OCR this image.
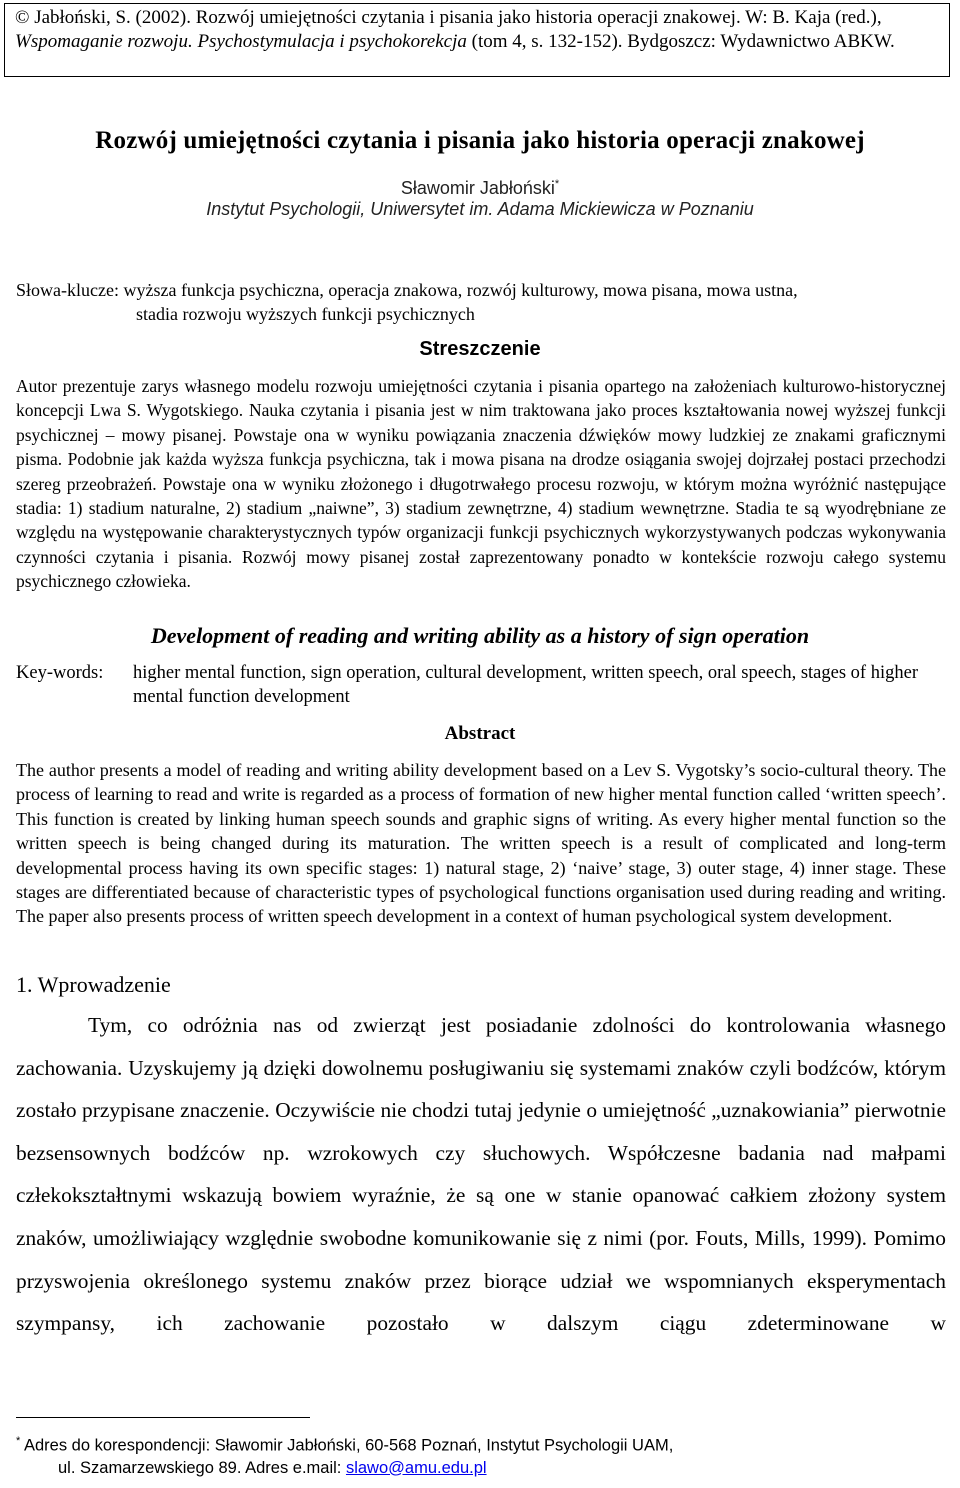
© Jabłoński, S. (2002). Rozwój umiejętności czytania i pisania jako historia operacji znakowej. W: B. Kaja (red.), Wspomaganie rozwoju. Psychostymulacja i psychokorekcja (tom 4, s. 132-152). Bydgoszcz: Wydawnictwo ABKW.
Rozwój umiejętności czytania i pisania jako historia operacji znakowej
Sławomir Jabłoński*
Instytut Psychologii, Uniwersytet im. Adama Mickiewicza w Poznaniu
Słowa-klucze: wyższa funkcja psychiczna, operacja znakowa, rozwój kulturowy, mowa pisana, mowa ustna,
stadia rozwoju wyższych funkcji psychicznych
Streszczenie
Autor prezentuje zarys własnego modelu rozwoju umiejętności czytania i pisania opartego na założeniach kulturowo-historycznej koncepcji Lwa S. Wygotskiego. Nauka czytania i pisania jest w nim traktowana jako proces kształtowania nowej wyższej funkcji psychicznej – mowy pisanej. Powstaje ona w wyniku powiązania znaczenia dźwięków mowy ludzkiej ze znakami graficznymi pisma. Podobnie jak każda wyższa funkcja psychiczna, tak i mowa pisana na drodze osiągania swojej dojrzałej postaci przechodzi szereg przeobrażeń. Powstaje ona w wyniku złożonego i długotrwałego procesu rozwoju, w którym można wyróżnić następujące stadia: 1) stadium naturalne, 2) stadium „naiwne”, 3) stadium zewnętrzne, 4) stadium wewnętrzne. Stadia te są wyodrębniane ze względu na występowanie charakterystycznych typów organizacji funkcji psychicznych wykorzystywanych podczas wykonywania czynności czytania i pisania. Rozwój mowy pisanej został zaprezentowany ponadto w kontekście rozwoju całego systemu psychicznego człowieka.
Development of reading and writing ability as a history of sign operation
Key-words: higher mental function, sign operation, cultural development, written speech, oral speech, stages of higher mental function development
Abstract
The author presents a model of reading and writing ability development based on a Lev S. Vygotsky’s socio-cultural theory. The process of learning to read and write is regarded as a process of formation of new higher mental function called ‘written speech’. This function is created by linking human speech sounds and graphic signs of writing. As every higher mental function so the written speech is being changed during its maturation. The written speech is a result of complicated and long-term developmental process having its own specific stages: 1) natural stage, 2) ‘naive’ stage, 3) outer stage, 4) inner stage. These stages are differentiated because of characteristic types of psychological functions organisation used during reading and writing. The paper also presents process of written speech development in a context of human psychological system development.
1. Wprowadzenie
Tym, co odróżnia nas od zwierząt jest posiadanie zdolności do kontrolowania własnego zachowania. Uzyskujemy ją dzięki dowolnemu posługiwaniu się systemami znaków czyli bodźców, którym zostało przypisane znaczenie. Oczywiście nie chodzi tutaj jedynie o umiejętność „uznakowiania” pierwotnie bezsensownych bodźców np. wzrokowych czy słuchowych. Współczesne badania nad małpami człekokształtnymi wskazują bowiem wyraźnie, że są one w stanie opanować całkiem złożony system znaków, umożliwiający względnie swobodne komunikowanie się z nimi (por. Fouts, Mills, 1999). Pomimo przyswojenia określonego systemu znaków przez biorące udział we wspomnianych eksperymentach szympansy, ich zachowanie pozostało w dalszym ciągu zdeterminowane w
* Adres do korespondencji: Sławomir Jabłoński, 60-568 Poznań, Instytut Psychologii UAM,
ul. Szamarzewskiego 89. Adres e.mail: slawo@amu.edu.pl
